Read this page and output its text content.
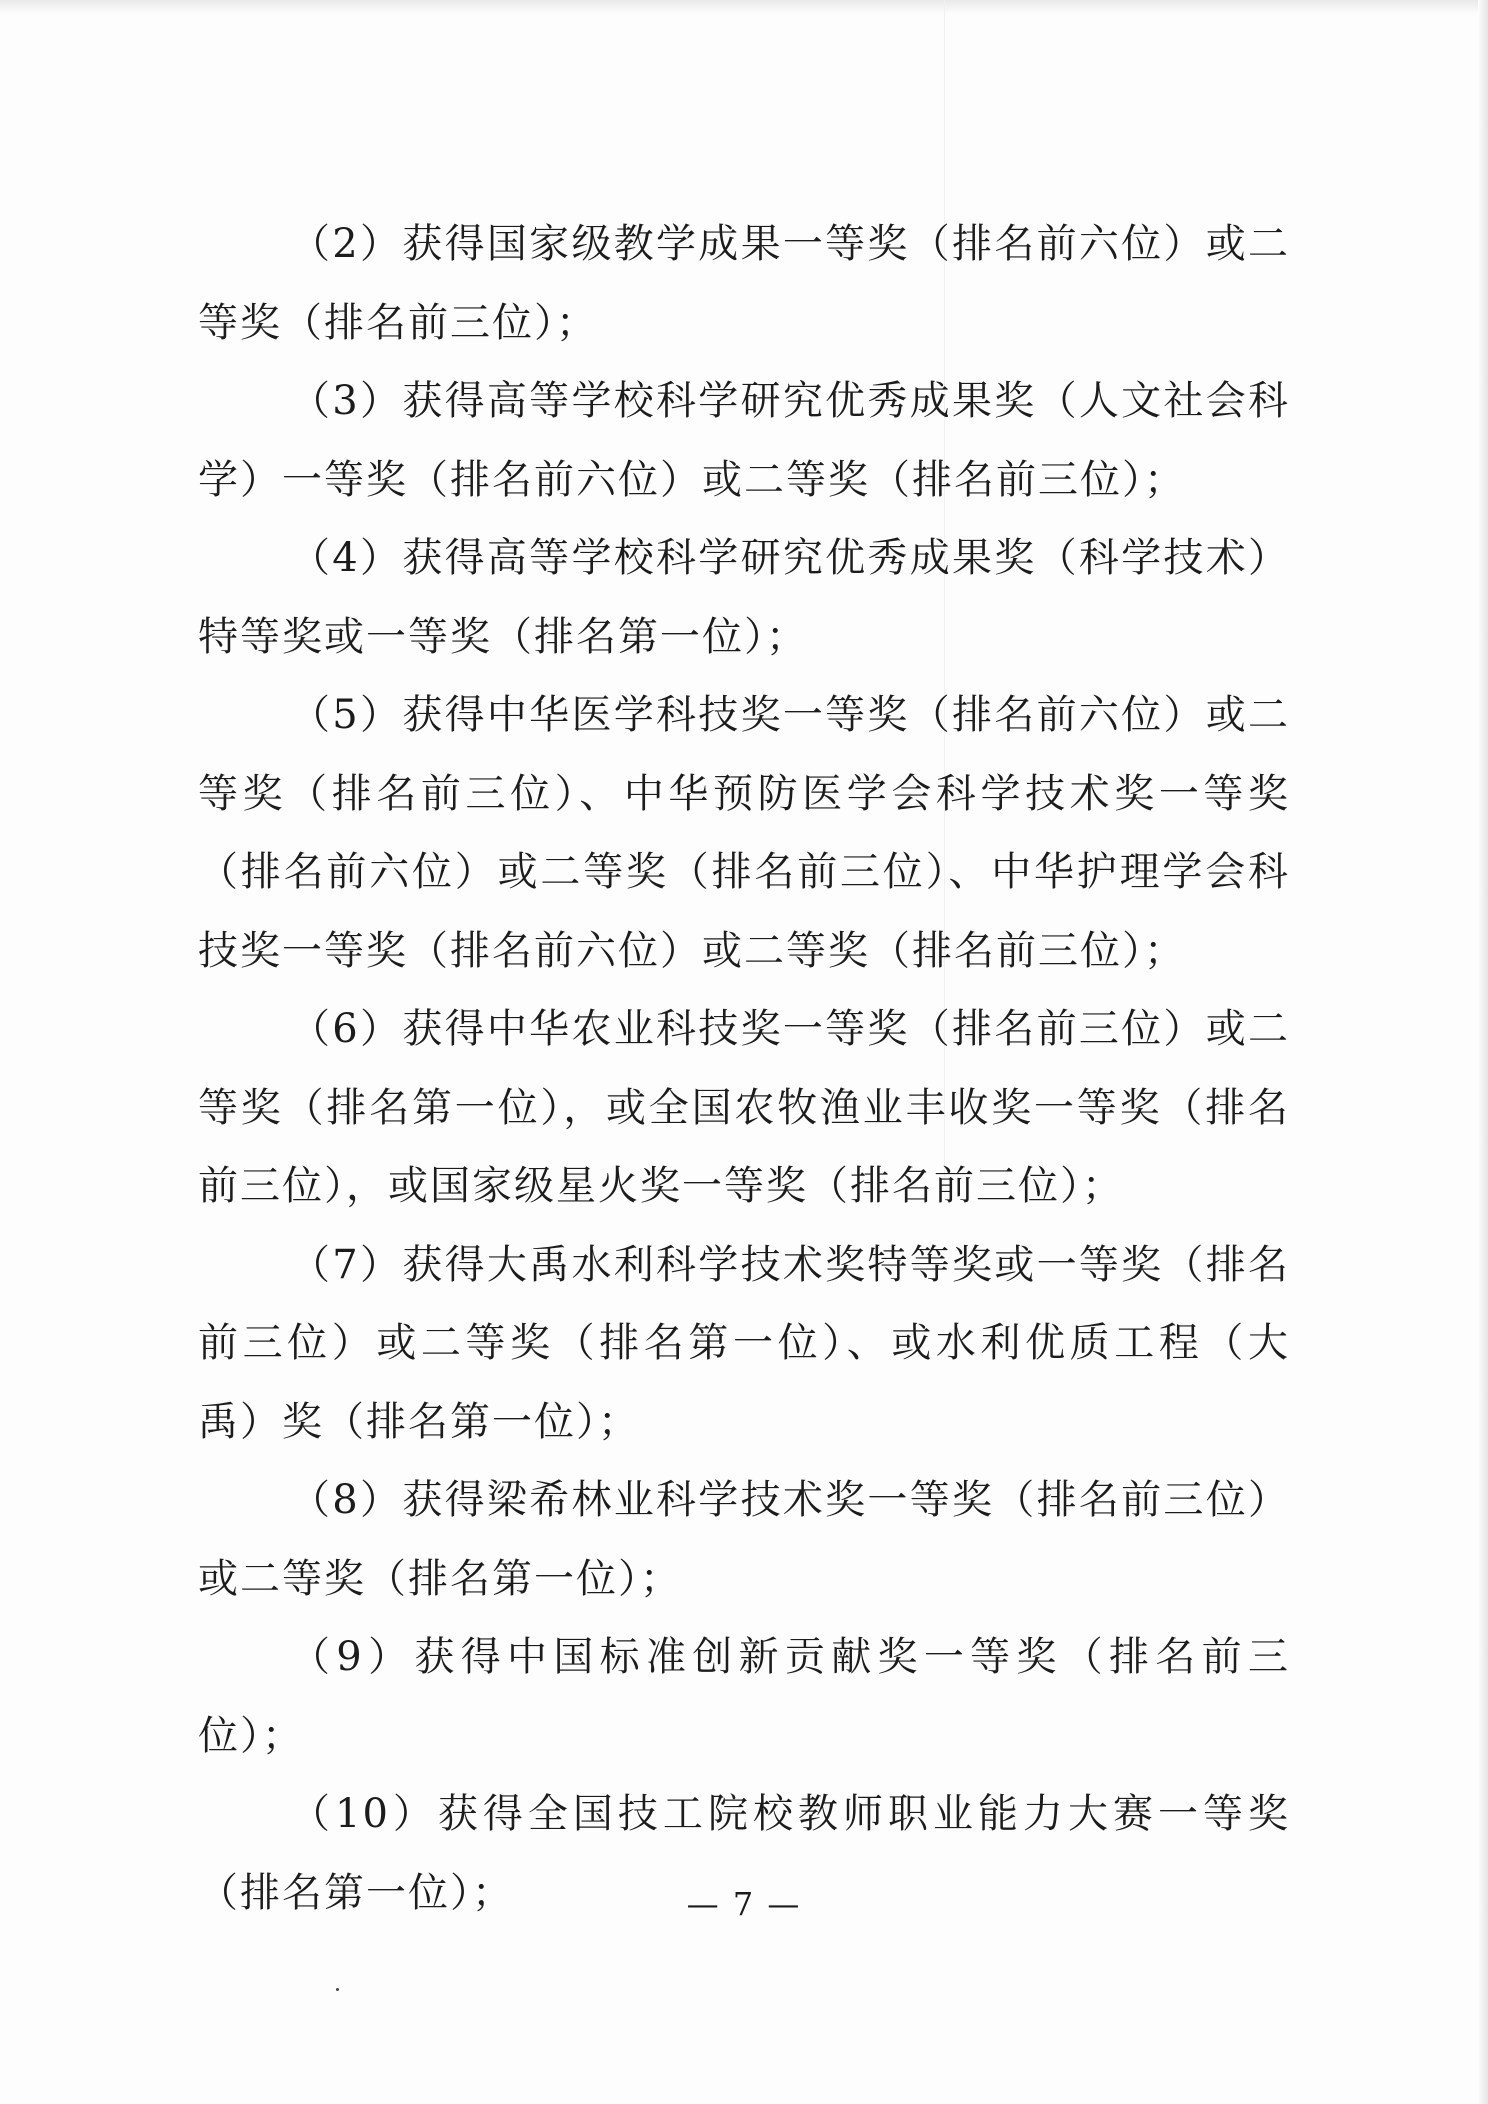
（2）获得国家级教学成果一等奖（排名前六位）或二等奖（排名前三位）；

（3）获得高等学校科学研究优秀成果奖（人文社会科学）一等奖（排名前六位）或二等奖（排名前三位）；

（4）获得高等学校科学研究优秀成果奖（科学技术）特等奖或一等奖（排名第一位）；

（5）获得中华医学科技奖一等奖（排名前六位）或二等奖（排名前三位）、中华预防医学会科学技术奖一等奖（排名前六位）或二等奖（排名前三位）、中华护理学会科技奖一等奖（排名前六位）或二等奖（排名前三位）；

（6）获得中华农业科技奖一等奖（排名前三位）或二等奖（排名第一位），或全国农牧渔业丰收奖一等奖（排名前三位），或国家级星火奖一等奖（排名前三位）；

（7）获得大禹水利科学技术奖特等奖或一等奖（排名前三位）或二等奖（排名第一位）、或水利优质工程（大禹）奖（排名第一位）；

（8）获得梁希林业科学技术奖一等奖（排名前三位）或二等奖（排名第一位）；

（9）获得中国标准创新贡献奖一等奖（排名前三位）；

（10）获得全国技工院校教师职业能力大赛一等奖（排名第一位）；	— 7 —
